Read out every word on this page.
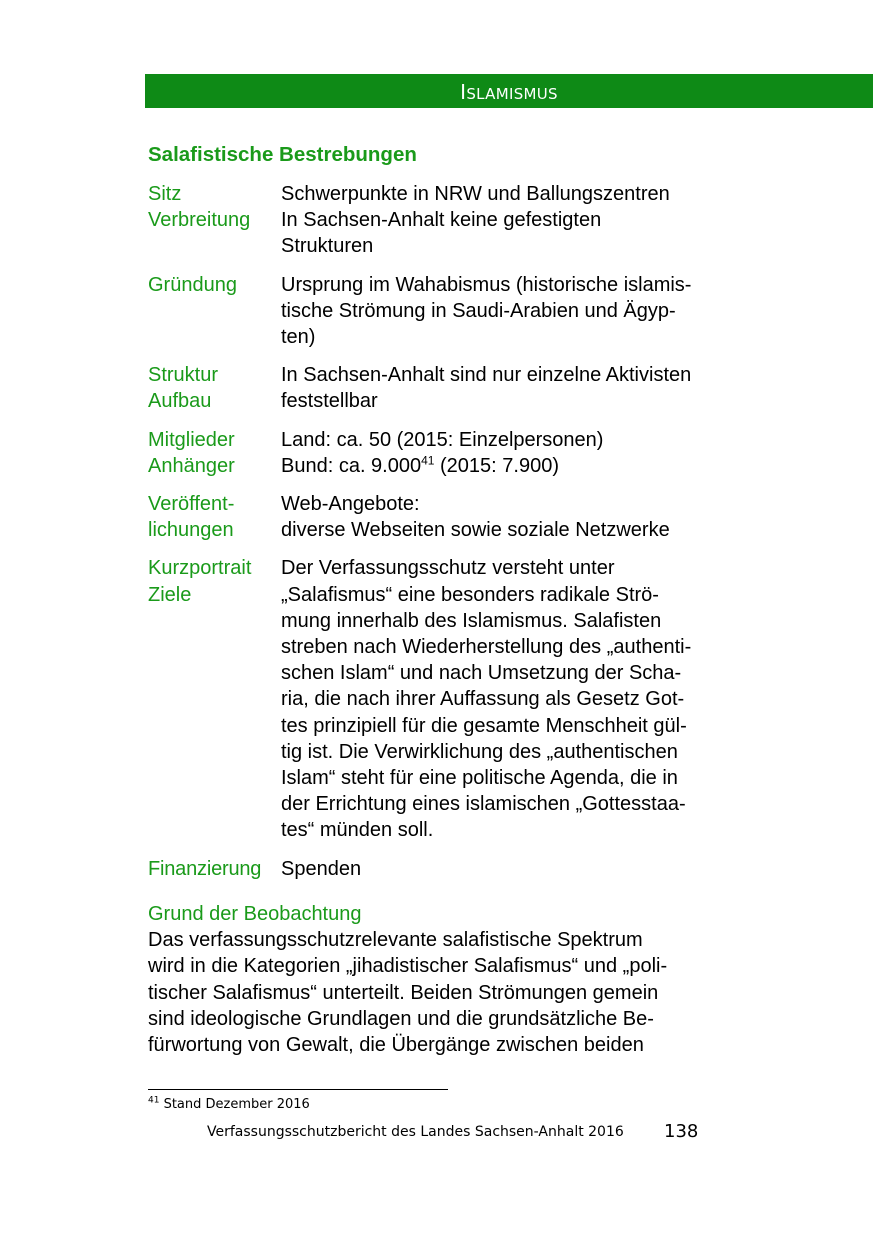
ISLAMISMUS
Salafistische Bestrebungen
Sitz
Verbreitung
Schwerpunkte in NRW und Ballungszentren
In Sachsen-Anhalt keine gefestigten
Strukturen
Gründung	Ursprung im Wahabismus (historische islamis-
tische Strömung in Saudi-Arabien und Ägyp-
ten)
Struktur
Aufbau
In Sachsen-Anhalt sind nur einzelne Aktivisten
feststellbar
Mitglieder
Anhänger
Land: ca. 50 (2015: Einzelpersonen)
Bund: ca. 9.000$^{41}$ (2015: 7.900)
Veröffent-
lichungen
Web-Angebote:
diverse Webseiten sowie soziale Netzwerke
Kurzportrait
Ziele
Der Verfassungsschutz versteht unter
„Salafismus“ eine besonders radikale Strö-
mung innerhalb des Islamismus. Salafisten
streben nach Wiederherstellung des „authenti-
schen Islam“ und nach Umsetzung der Scha-
ria, die nach ihrer Auffassung als Gesetz Got-
tes prinzipiell für die gesamte Menschheit gül-
tig ist. Die Verwirklichung des „authentischen
Islam“ steht für eine politische Agenda, die in
der Errichtung eines islamischen „Gottesstaa-
tes“ münden soll.
Finanzierung Spenden
Grund der Beobachtung
Das verfassungsschutzrelevante salafistische Spektrum
wird in die Kategorien „jihadistischer Salafismus“ und „poli-
tischer Salafismus“ unterteilt. Beiden Strömungen gemein
sind ideologische Grundlagen und die grundsätzliche Be-
fürwortung von Gewalt, die Übergänge zwischen beiden
$^{41}$ Stand Dezember 2016
Verfassungsschutzbericht des Landes Sachsen-Anhalt 2016 138
